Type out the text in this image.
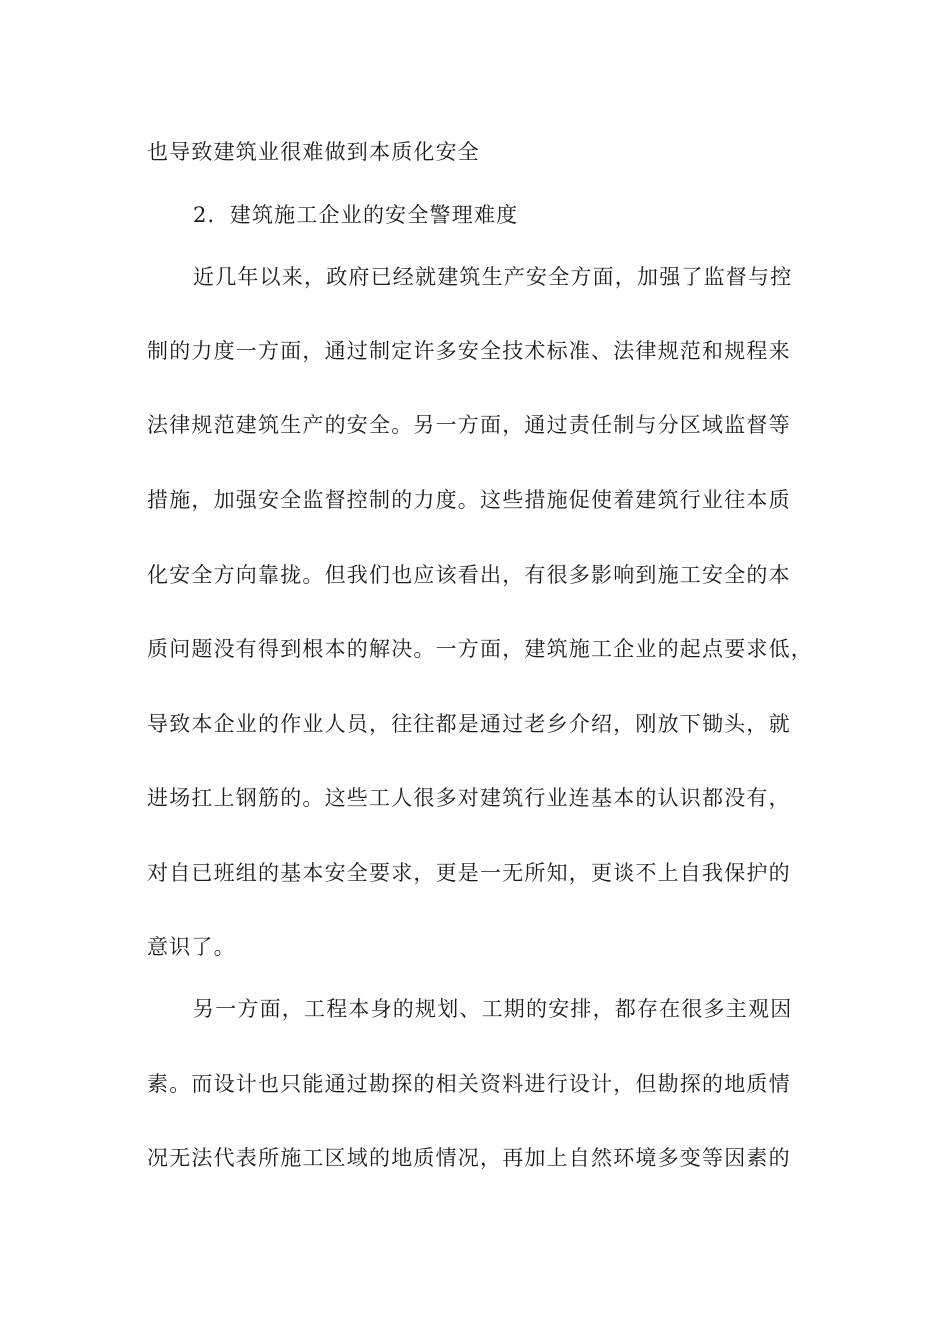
也导致建筑业很难做到本质化安全
2．建筑施工企业的安全警理难度
近几年以来，政府已经就建筑生产安全方面，加强了监督与控
制的力度一方面，通过制定许多安全技术标准、法律规范和规程来
法律规范建筑生产的安全。另一方面，通过责任制与分区域监督等
措施，加强安全监督控制的力度。这些措施促使着建筑行业往本质
化安全方向靠拢。但我们也应该看出，有很多影响到施工安全的本
质问题没有得到根本的解决。一方面，建筑施工企业的起点要求低，
导致本企业的作业人员，往往都是通过老乡介绍，刚放下锄头，就
进场扛上钢筋的。这些工人很多对建筑行业连基本的认识都没有，
对自已班组的基本安全要求，更是一无所知，更谈不上自我保护的
意识了。
另一方面，工程本身的规划、工期的安排，都存在很多主观因
素。而设计也只能通过勘探的相关资料进行设计，但勘探的地质情
况无法代表所施工区域的地质情况，再加上自然环境多变等因素的
